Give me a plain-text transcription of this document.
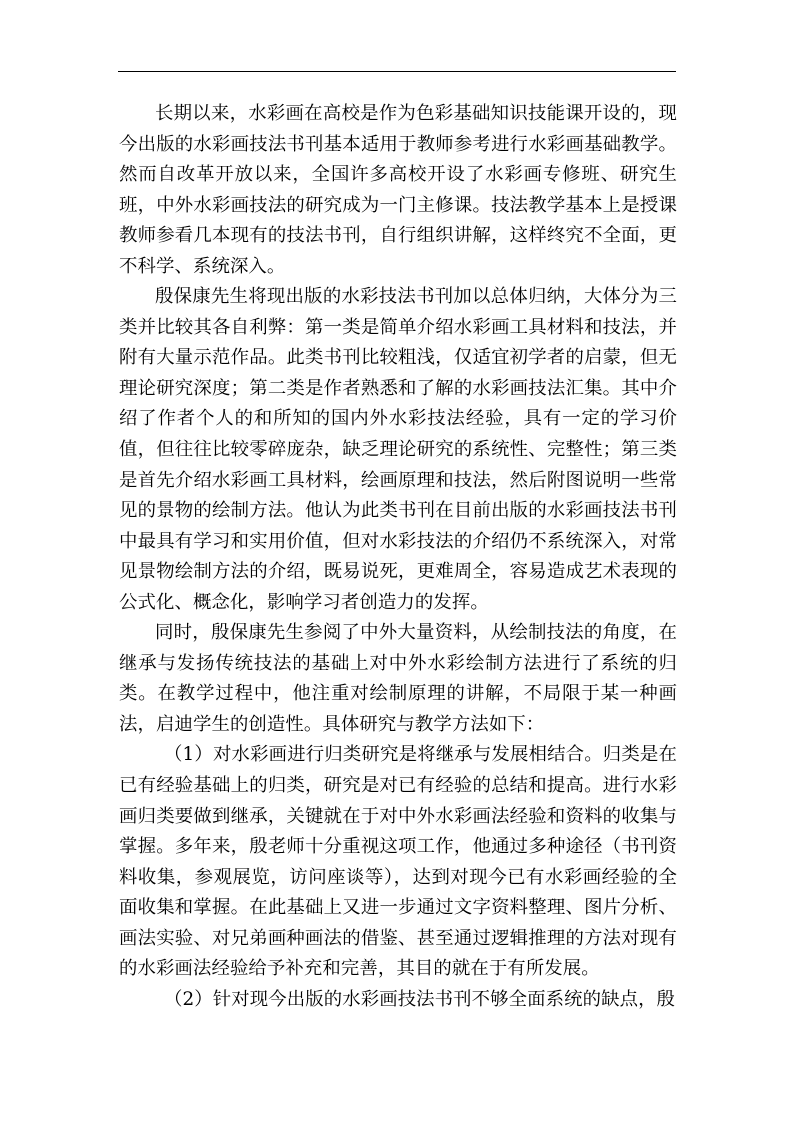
长期以来，水彩画在高校是作为色彩基础知识技能课开设的，现今出版的水彩画技法书刊基本适用于教师参考进行水彩画基础教学。然而自改革开放以来，全国许多高校开设了水彩画专修班、研究生班，中外水彩画技法的研究成为一门主修课。技法教学基本上是授课教师参看几本现有的技法书刊，自行组织讲解，这样终究不全面，更不科学、系统深入。

殷保康先生将现出版的水彩技法书刊加以总体归纳，大体分为三类并比较其各自利弊：第一类是简单介绍水彩画工具材料和技法，并附有大量示范作品。此类书刊比较粗浅，仅适宜初学者的启蒙，但无理论研究深度；第二类是作者熟悉和了解的水彩画技法汇集。其中介绍了作者个人的和所知的国内外水彩技法经验，具有一定的学习价值，但往往比较零碎庞杂，缺乏理论研究的系统性、完整性；第三类是首先介绍水彩画工具材料，绘画原理和技法，然后附图说明一些常见的景物的绘制方法。他认为此类书刊在目前出版的水彩画技法书刊中最具有学习和实用价值，但对水彩技法的介绍仍不系统深入，对常见景物绘制方法的介绍，既易说死，更难周全，容易造成艺术表现的公式化、概念化，影响学习者创造力的发挥。

同时，殷保康先生参阅了中外大量资料，从绘制技法的角度，在继承与发扬传统技法的基础上对中外水彩绘制方法进行了系统的归类。在教学过程中，他注重对绘制原理的讲解，不局限于某一种画法，启迪学生的创造性。具体研究与教学方法如下：

（1）对水彩画进行归类研究是将继承与发展相结合。归类是在已有经验基础上的归类，研究是对已有经验的总结和提高。进行水彩画归类要做到继承，关键就在于对中外水彩画法经验和资料的收集与掌握。多年来，殷老师十分重视这项工作，他通过多种途径（书刊资料收集，参观展览，访问座谈等），达到对现今已有水彩画经验的全面收集和掌握。在此基础上又进一步通过文字资料整理、图片分析、画法实验、对兄弟画种画法的借鉴、甚至通过逻辑推理的方法对现有的水彩画法经验给予补充和完善，其目的就在于有所发展。

（2）针对现今出版的水彩画技法书刊不够全面系统的缺点，殷
